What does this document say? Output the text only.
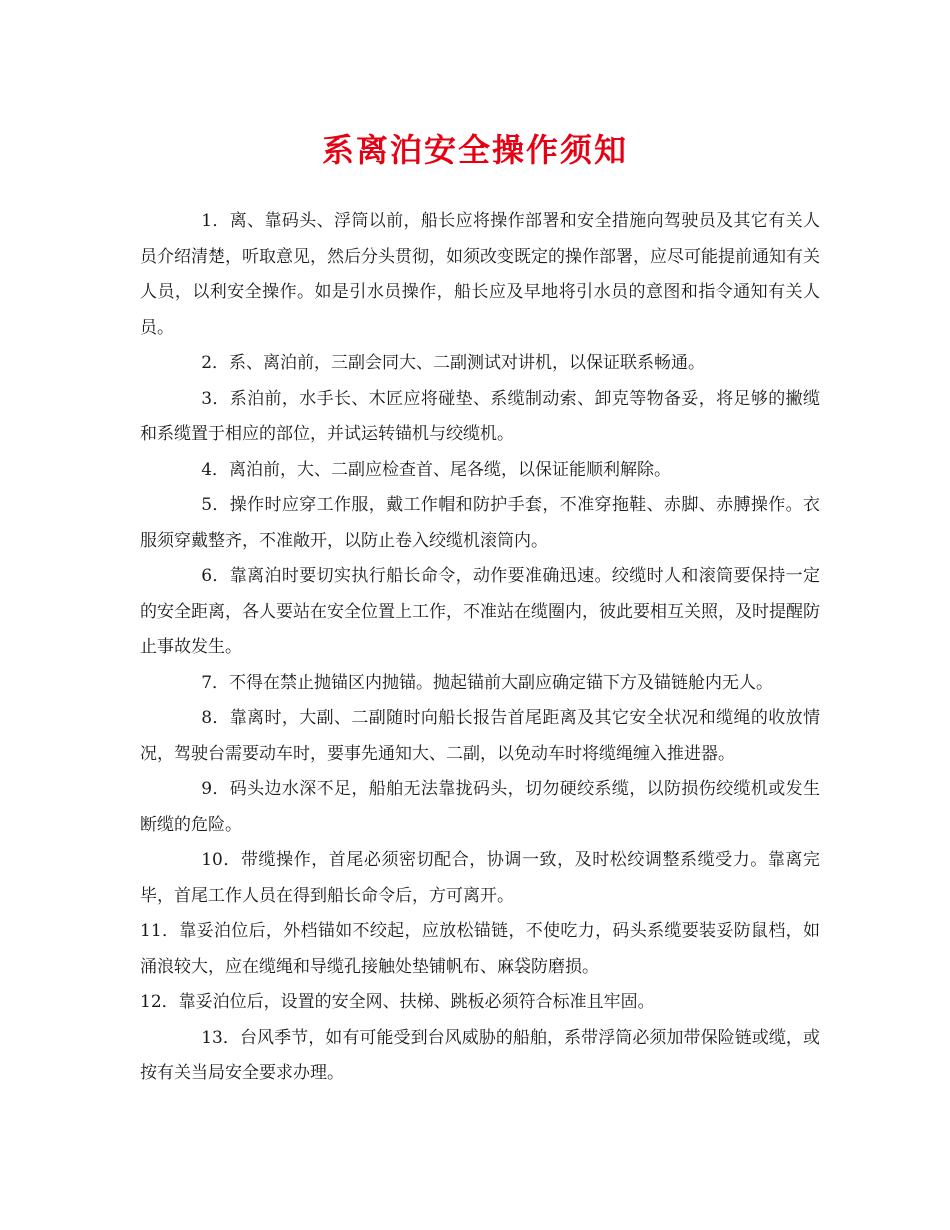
系离泊安全操作须知

1．离、靠码头、浮筒以前，船长应将操作部署和安全措施向驾驶员及其它有关人员介绍清楚，听取意见，然后分头贯彻，如须改变既定的操作部署，应尽可能提前通知有关人员，以利安全操作。如是引水员操作，船长应及早地将引水员的意图和指令通知有关人员。

2．系、离泊前，三副会同大、二副测试对讲机，以保证联系畅通。

3．系泊前，水手长、木匠应将碰垫、系缆制动索、卸克等物备妥，将足够的撇缆和系缆置于相应的部位，并试运转锚机与绞缆机。

4．离泊前，大、二副应检查首、尾各缆，以保证能顺利解除。

5．操作时应穿工作服，戴工作帽和防护手套，不准穿拖鞋、赤脚、赤膊操作。衣服须穿戴整齐，不准敞开，以防止卷入绞缆机滚筒内。

6．靠离泊时要切实执行船长命令，动作要准确迅速。绞缆时人和滚筒要保持一定的安全距离，各人要站在安全位置上工作，不准站在缆圈内，彼此要相互关照，及时提醒防止事故发生。

7．不得在禁止抛锚区内抛锚。抛起锚前大副应确定锚下方及锚链舱内无人。

8．靠离时，大副、二副随时向船长报告首尾距离及其它安全状况和缆绳的收放情况，驾驶台需要动车时，要事先通知大、二副，以免动车时将缆绳缠入推进器。

9．码头边水深不足，船舶无法靠拢码头，切勿硬绞系缆，以防损伤绞缆机或发生断缆的危险。

10．带缆操作，首尾必须密切配合，协调一致，及时松绞调整系缆受力。靠离完毕，首尾工作人员在得到船长命令后，方可离开。

11．靠妥泊位后，外档锚如不绞起，应放松锚链，不使吃力，码头系缆要装妥防鼠档，如涌浪较大，应在缆绳和导缆孔接触处垫铺帆布、麻袋防磨损。

12．靠妥泊位后，设置的安全网、扶梯、跳板必须符合标准且牢固。

13．台风季节，如有可能受到台风威胁的船舶，系带浮筒必须加带保险链或缆，或按有关当局安全要求办理。
